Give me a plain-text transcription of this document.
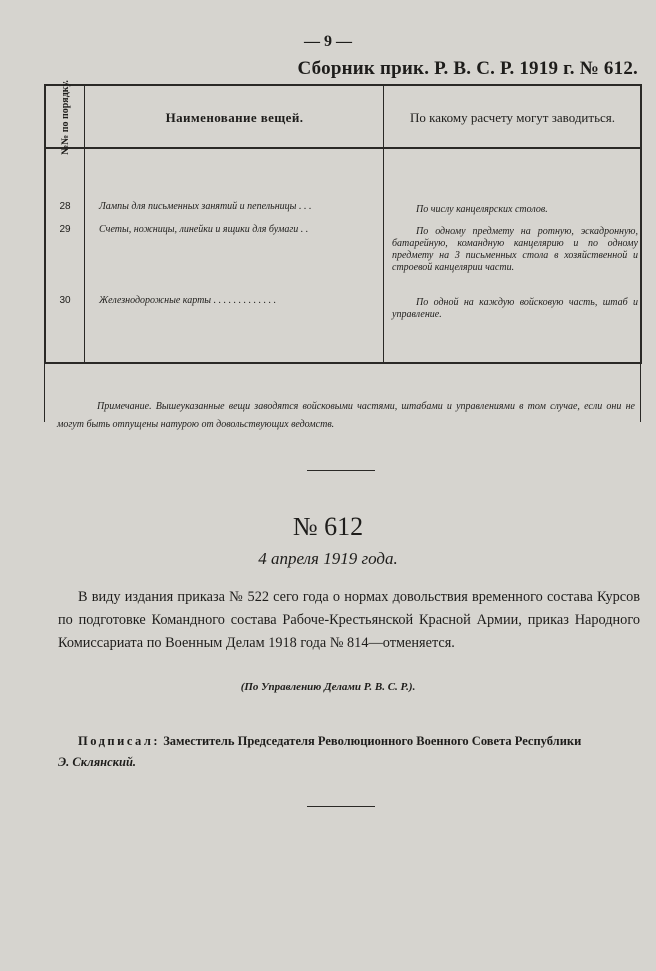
— 9 —
Сборник прик. Р. В. С. Р. 1919 г. № 612.
№№ по порядку.	Наименование вещей.	По какому расчету могут заводиться.
28	Лампы для письменных занятий и пепельницы . . .	По числу канцелярских столов.
29	Счеты, ножницы, линейки и ящики для бумаги . .	По одному предмету на ротную, эскадронную, батарейную, командную канцелярию и по одному предмету на 3 письменных стола в хозяйственной и строевой канцелярии части.
30	Железнодорожные карты . . . . . . . . . . . . .	По одной на каждую войсковую часть, штаб и управление.
Примечание. Вышеуказанные вещи заводятся войсковыми частями, штабами и управлениями в том случае, если они не могут быть отпущены натурою от довольствующих ведомств.
№ 612
4 апреля 1919 года.
В виду издания приказа № 522 сего года о нормах довольствия временного состава Курсов по подготовке Командного состава Рабоче-Крестьянской Красной Армии, приказ Народного Комиссариата по Военным Делам 1918 года № 814—отменяется.
(По Управлению Делами Р. В. С. Р.).
Подписал: Заместитель Председателя Революционного Военного Совета Республики
Э. Склянский.
